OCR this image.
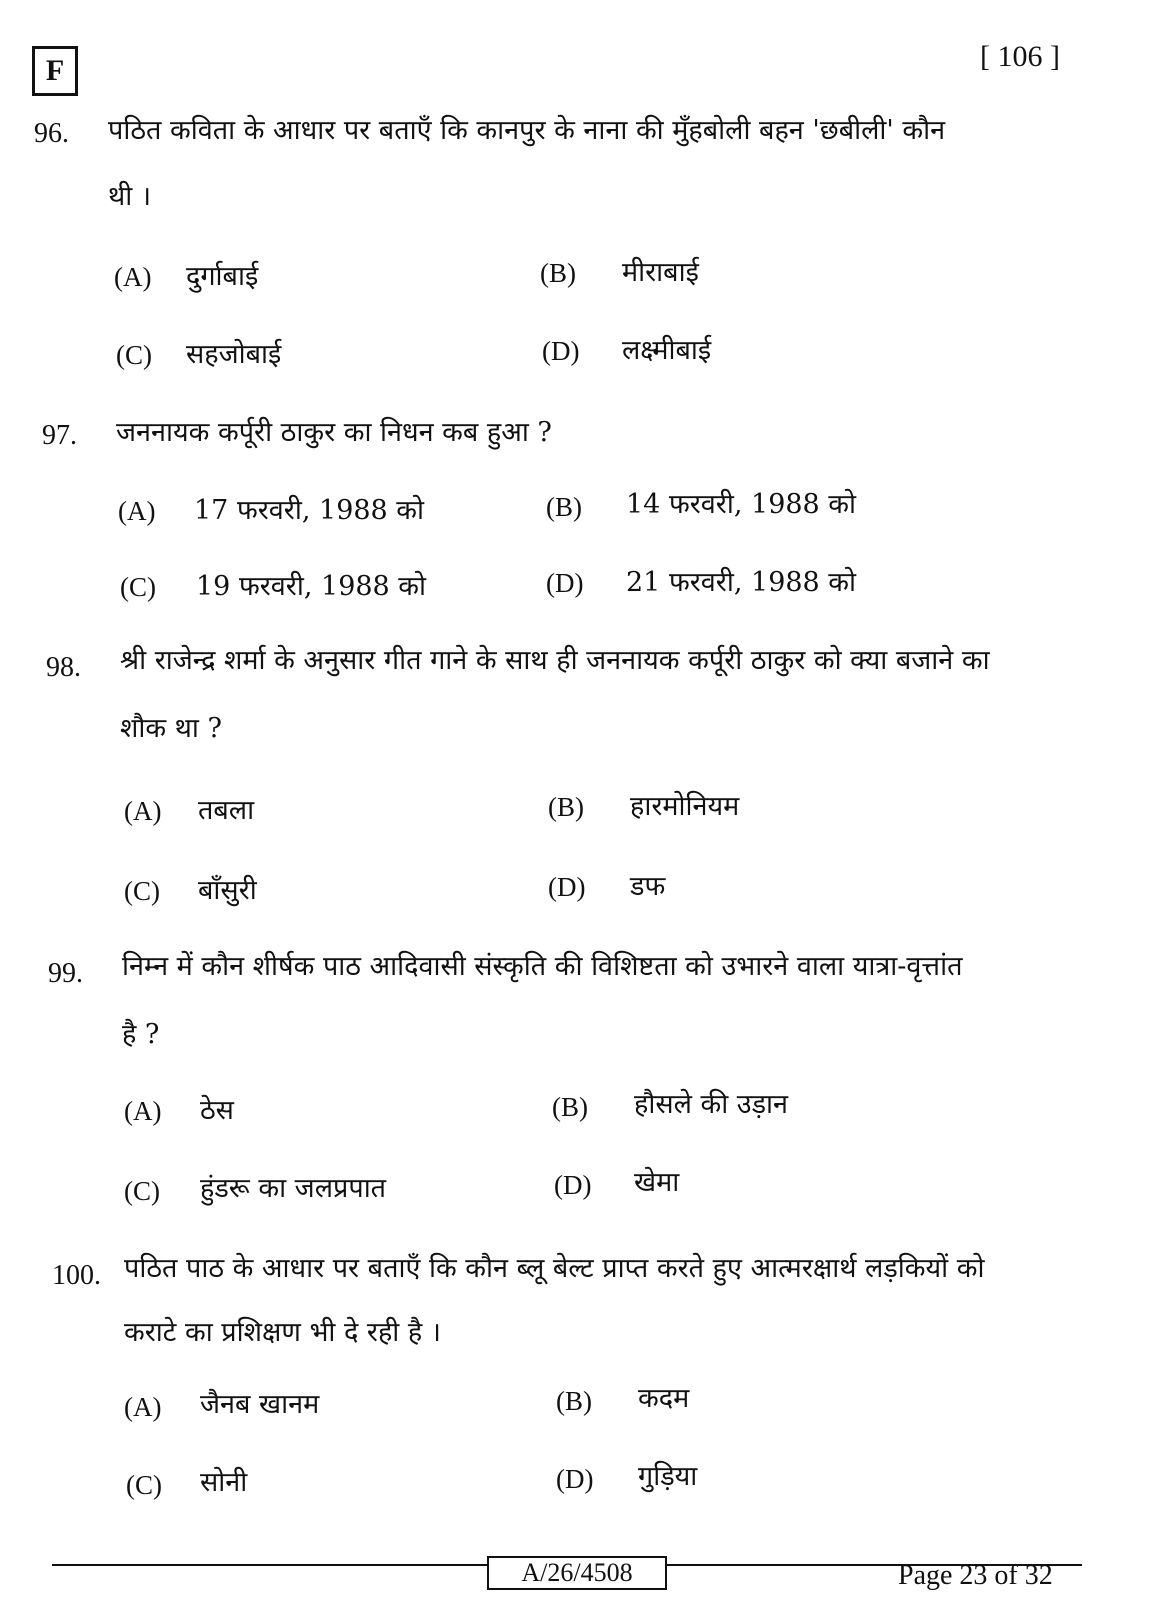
F	[ 106 ]
96. पठित कविता के आधार पर बताएँ कि कानपुर के नाना की मुँहबोली बहन 'छबीली' कौन
थी ।
(A) दुर्गाबाई	(B) मीराबाई
(C) सहजोबाई	(D) लक्ष्मीबाई
97. जननायक कर्पूरी ठाकुर का निधन कब हुआ ?
(A) 17 फरवरी, 1988 को	(B) 14 फरवरी, 1988 को
(C) 19 फरवरी, 1988 को	(D) 21 फरवरी, 1988 को
98. श्री राजेन्द्र शर्मा के अनुसार गीत गाने के साथ ही जननायक कर्पूरी ठाकुर को क्या बजाने का
शौक था ?
(A) तबला	(B) हारमोनियम
(C) बाँसुरी	(D) डफ
99. निम्न में कौन शीर्षक पाठ आदिवासी संस्कृति की विशिष्टता को उभारने वाला यात्रा-वृत्तांत
है ?
(A) ठेस	(B) हौसले की उड़ान
(C) हुंडरू का जलप्रपात	(D) खेमा
100. पठित पाठ के आधार पर बताएँ कि कौन ब्लू बेल्ट प्राप्त करते हुए आत्मरक्षार्थ लड़कियों को
कराटे का प्रशिक्षण भी दे रही है ।
(A) जैनब खानम	(B) कदम
(C) सोनी	(D) गुड़िया
A/26/4508	Page 23 of 32
